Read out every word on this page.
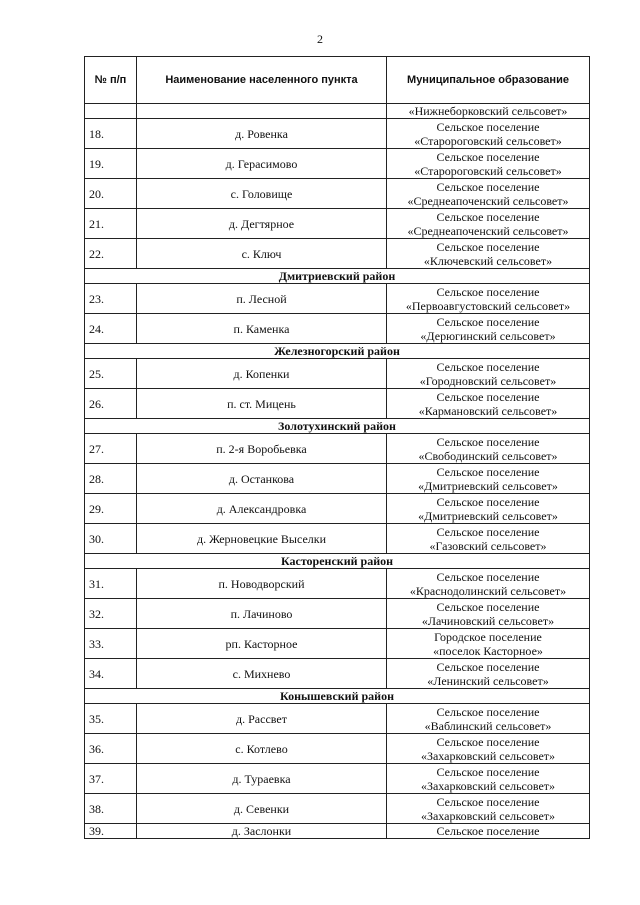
2
№ п/п	Наименование населенного пункта	Муниципальное образование
		«Нижнеборковский сельсовет»
18.	д. Ровенка	Сельское поселение
«Старороговский сельсовет»

19.	д. Герасимово	Сельское поселение
«Старороговский сельсовет»

20.	с. Головище	Сельское поселение
«Среднеапоченский сельсовет»

21.	д. Дегтярное	Сельское поселение
«Среднеапоченский сельсовет»

22.	с. Ключ	Сельское поселение
«Ключевский сельсовет»

Дмитриевский район		
23.	п. Лесной	Сельское поселение
«Первоавгустовский сельсовет»

24.	п. Каменка	Сельское поселение
«Дерюгинский сельсовет»

Железногорский район		
25.	д. Копенки	Сельское поселение
«Городновский сельсовет»

26.	п. ст. Мицень	Сельское поселение
«Кармановский сельсовет»

Золотухинский район		
27.	п. 2-я Воробьевка	Сельское поселение
«Свободинский сельсовет»

28.	д. Останкова	Сельское поселение
«Дмитриевский сельсовет»

29.	д. Александровка	Сельское поселение
«Дмитриевский сельсовет»

30.	д. Жерновецкие Выселки	Сельское поселение
«Газовский сельсовет»

Касторенский район		
31.	п. Новодворский	Сельское поселение
«Краснодолинский сельсовет»

32.	п. Лачиново	Сельское поселение
«Лачиновский сельсовет»

33.	рп. Касторное	Городское поселение
«поселок Касторное»

34.	с. Михнево	Сельское поселение
«Ленинский сельсовет»

Конышевский район		
35.	д. Рассвет	Сельское поселение
«Ваблинский сельсовет»

36.	с. Котлево	Сельское поселение
«Захарковский сельсовет»

37.	д. Тураевка	Сельское поселение
«Захарковский сельсовет»

38.	д. Севенки	Сельское поселение
«Захарковский сельсовет»

39.	д. Заслонки	Сельское поселение
